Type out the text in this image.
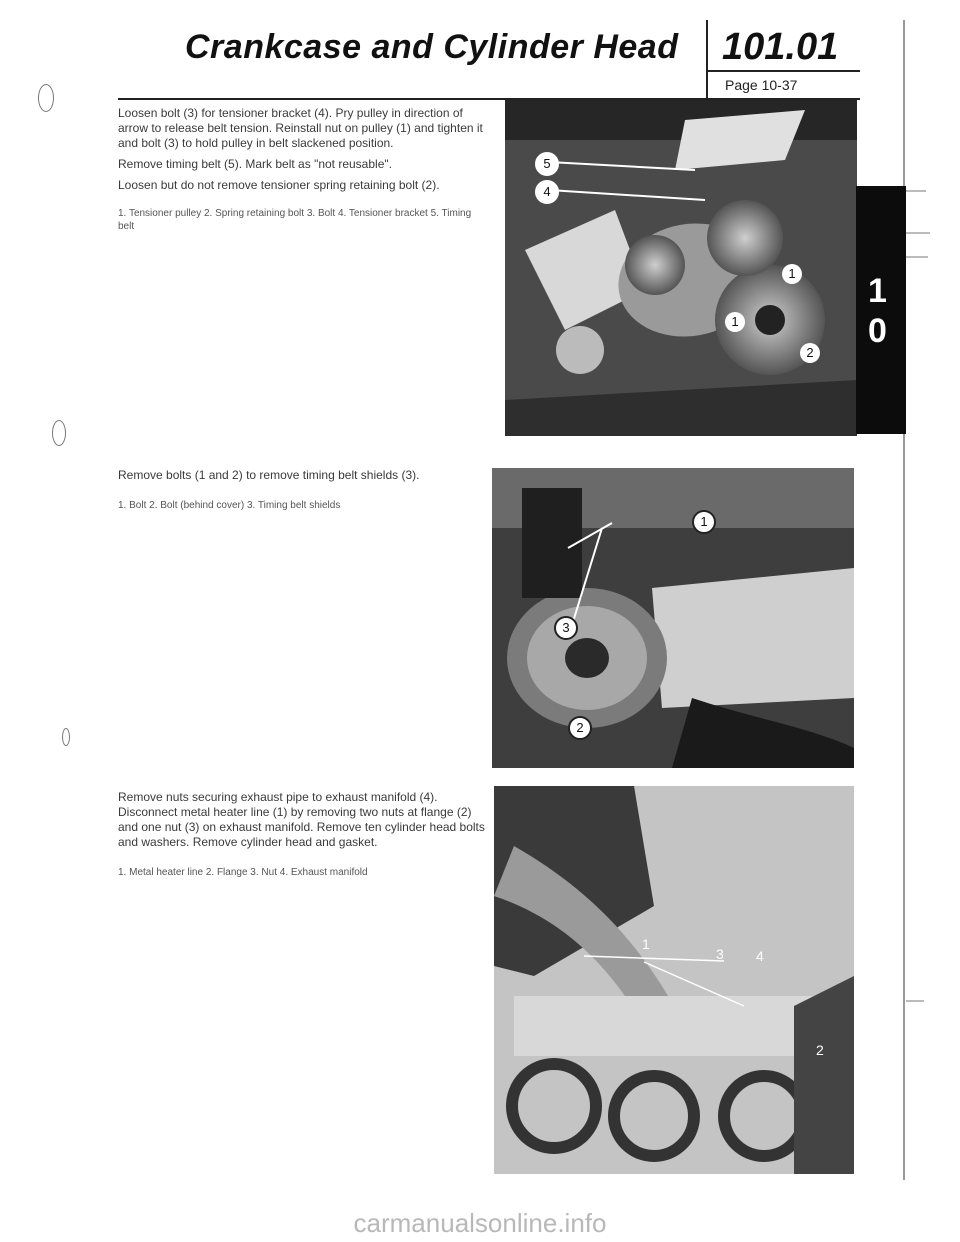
Crankcase and Cylinder Head 101.01
Page 10-37

Loosen bolt (3) for tensioner bracket (4). Pry pulley in direction of arrow to release belt tension. Reinstall nut on pulley (1) and tighten it and bolt (3) to hold pulley in belt slackened position.

Remove timing belt (5). Mark belt as "not reusable".

Loosen but do not remove tensioner spring retaining bolt (2).

1. Tensioner pulley 2. Spring retaining bolt 3. Bolt 4. Tensioner bracket 5. Timing belt
5
4
1
1
2
1
0

Remove bolts (1 and 2) to remove timing belt shields (3).

1. Bolt 2. Bolt (behind cover) 3. Timing belt shields
1
3
2

Remove nuts securing exhaust pipe to exhaust manifold (4). Disconnect metal heater line (1) by removing two nuts at flange (2) and one nut (3) on exhaust manifold. Remove ten cylinder head bolts and washers. Remove cylinder head and gasket.

1. Metal heater line 2. Flange 3. Nut 4. Exhaust manifold
3 4
1
2
carmanualsonline.info
